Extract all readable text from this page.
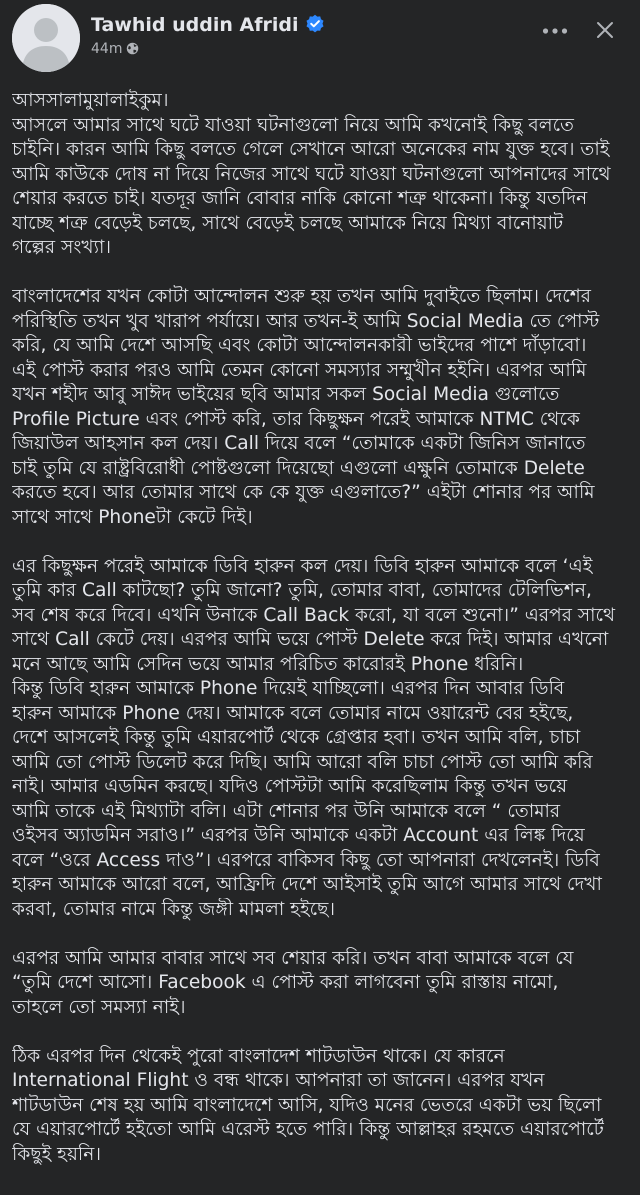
Tawhid uddin Afridi
44m

আসসালামুয়ালাইকুম।
আসলে আমার সাথে ঘটে যাওয়া ঘটনাগুলো নিয়ে আমি কখনোই কিছু বলতে
চাইনি। কারন আমি কিছু বলতে গেলে সেখানে আরো অনেকের নাম যুক্ত হবে। তাই
আমি কাউকে দোষ না দিয়ে নিজের সাথে ঘটে যাওয়া ঘটনাগুলো আপনাদের সাথে
শেয়ার করতে চাই। যতদূর জানি বোবার নাকি কোনো শত্রু থাকেনা। কিন্তু যতদিন
যাচ্ছে শত্রু বেড়েই চলছে, সাথে বেড়েই চলছে আমাকে নিয়ে মিথ্যা বানোয়াট
গল্পের সংখ্যা।

বাংলাদেশের যখন কোটা আন্দোলন শুরু হয় তখন আমি দুবাইতে ছিলাম। দেশের
পরিস্থিতি তখন খুব খারাপ পর্যায়ে। আর তখন-ই আমি Social Media তে পোস্ট
করি, যে আমি দেশে আসছি এবং কোটা আন্দোলনকারী ভাইদের পাশে দাঁড়াবো।
এই পোস্ট করার পরও আমি তেমন কোনো সমস্যার সম্মুখীন হইনি। এরপর আমি
যখন শহীদ আবু সাঈদ ভাইয়ের ছবি আমার সকল Social Media গুলোতে
Profile Picture এবং পোস্ট করি, তার কিছুক্ষন পরেই আমাকে NTMC থেকে
জিয়াউল আহসান কল দেয়। Call দিয়ে বলে “তোমাকে একটা জিনিস জানাতে
চাই তুমি যে রাষ্ট্রবিরোধী পোষ্টগুলো দিয়েছো এগুলো এক্ষুনি তোমাকে Delete
করতে হবে। আর তোমার সাথে কে কে যুক্ত এগুলাতে?” এইটা শোনার পর আমি
সাথে সাথে Phoneটা কেটে দিই।

এর কিছুক্ষন পরেই আমাকে ডিবি হারুন কল দেয়। ডিবি হারুন আমাকে বলে ‘এই
তুমি কার Call কাটছো? তুমি জানো? তুমি, তোমার বাবা, তোমাদের টেলিভিশন,
সব শেষ করে দিবে। এখনি উনাকে Call Back করো, যা বলে শুনো।” এরপর সাথে
সাথে Call কেটে দেয়। এরপর আমি ভয়ে পোস্ট Delete করে দিই। আমার এখনো
মনে আছে আমি সেদিন ভয়ে আমার পরিচিত কারোরই Phone ধরিনি।
কিন্তু ডিবি হারুন আমাকে Phone দিয়েই যাচ্ছিলো। এরপর দিন আবার ডিবি
হারুন আমাকে Phone দেয়। আমাকে বলে তোমার নামে ওয়ারেন্ট বের হইছে,
দেশে আসলেই কিন্তু তুমি এয়ারপোর্ট থেকে গ্রেপ্তার হবা। তখন আমি বলি, চাচা
আমি তো পোস্ট ডিলেট করে দিছি। আমি আরো বলি চাচা পোস্ট তো আমি করি
নাই। আমার এডমিন করছে। যদিও পোস্টটা আমি করেছিলাম কিন্তু তখন ভয়ে
আমি তাকে এই মিথ্যাটা বলি। এটা শোনার পর উনি আমাকে বলে “ তোমার
ওইসব অ্যাডমিন সরাও।” এরপর উনি আমাকে একটা Account এর লিঙ্ক দিয়ে
বলে “ওরে Access দাও”। এরপরে বাকিসব কিছু তো আপনারা দেখলেনই। ডিবি
হারুন আমাকে আরো বলে, আফ্রিদি দেশে আইসাই তুমি আগে আমার সাথে দেখা
করবা, তোমার নামে কিন্তু জঙ্গী মামলা হইছে।

এরপর আমি আমার বাবার সাথে সব শেয়ার করি। তখন বাবা আমাকে বলে যে
“তুমি দেশে আসো। Facebook এ পোস্ট করা লাগবেনা তুমি রাস্তায় নামো,
তাহলে তো সমস্যা নাই।

ঠিক এরপর দিন থেকেই পুরো বাংলাদেশ শাটডাউন থাকে। যে কারনে
International Flight ও বন্ধ থাকে। আপনারা তা জানেন। এরপর যখন
শাটডাউন শেষ হয় আমি বাংলাদেশে আসি, যদিও মনের ভেতরে একটা ভয় ছিলো
যে এয়ারপোর্টে হইতো আমি এরেস্ট হতে পারি। কিন্তু আল্লাহর রহমতে এয়ারপোর্টে
কিছুই হয়নি।
